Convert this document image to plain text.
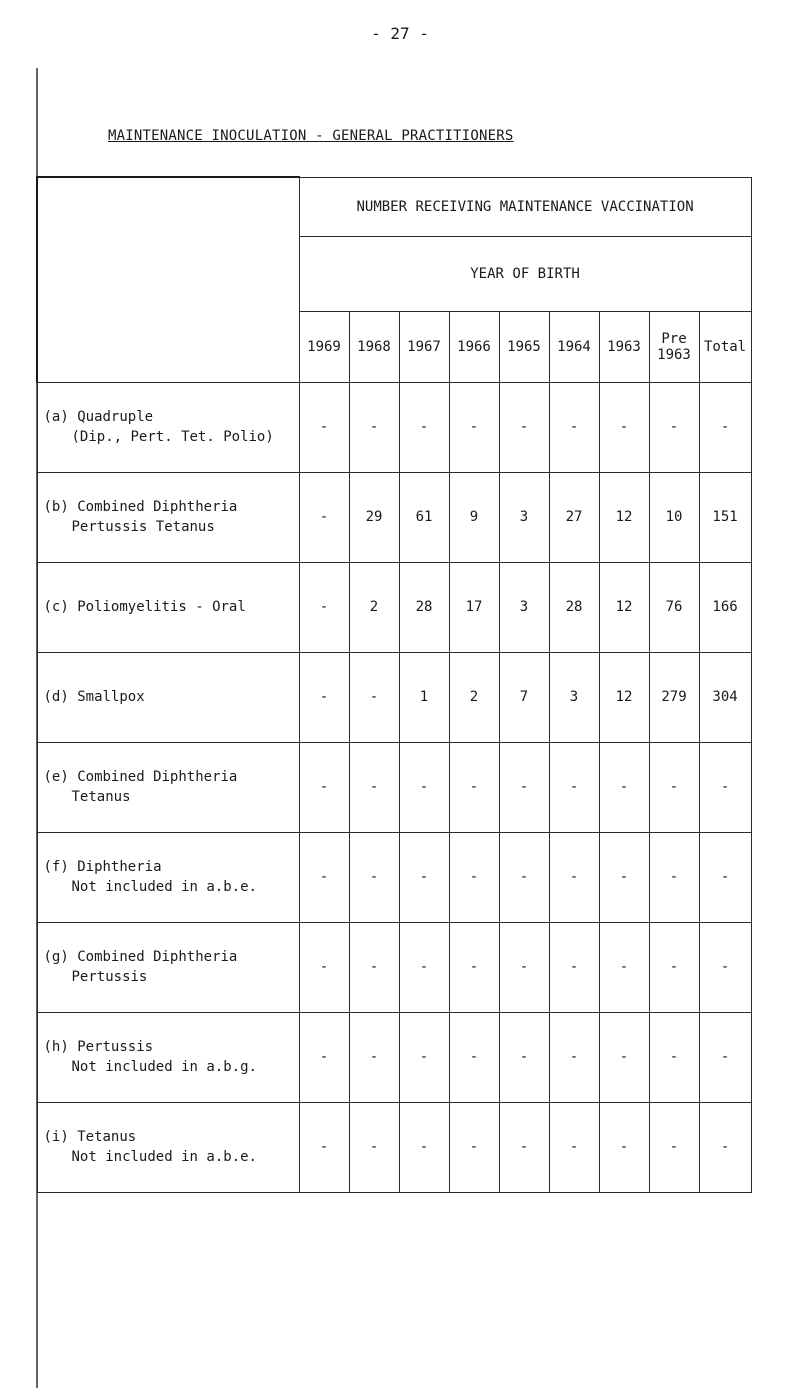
- 27 -
MAINTENANCE INOCULATION - GENERAL PRACTITIONERS
	NUMBER RECEIVING MAINTENANCE VACCINATION								
	YEAR OF BIRTH								
	1969	1968	1967	1966	1965	1964	1963	Pre 1963	Total

(a) Quadruple
(Dip., Pert. Tet. Polio)	-	-	-	-	-	-	-	-	-

(b) Combined Diphtheria
Pertussis Tetanus	-	29	61	9	3	27	12	10	151

(c) Poliomyelitis - Oral	-	2	28	17	3	28	12	76	166

(d) Smallpox	-	-	1	2	7	3	12	279	304

(e) Combined Diphtheria
Tetanus	-	-	-	-	-	-	-	-	-

(f) Diphtheria
Not included in a.b.e.	-	-	-	-	-	-	-	-	-

(g) Combined Diphtheria
Pertussis	-	-	-	-	-	-	-	-	-

(h) Pertussis
Not included in a.b.g.	-	-	-	-	-	-	-	-	-

(i) Tetanus
Not included in a.b.e.	-	-	-	-	-	-	-	-	-
